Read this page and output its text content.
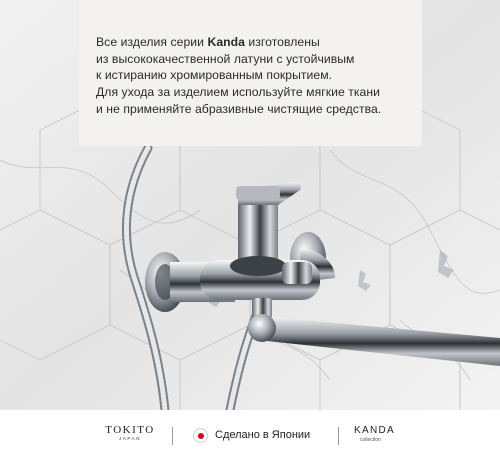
Все изделия серии Kanda изготовлены
из высококачественной латуни с устойчивым
к истиранию хромированным покрытием.
Для ухода за изделием используйте мягкие ткани
и не применяйте абразивные чистящие средства.
TOKITO
JAPAN	Сделано в Японии	KANDA
collection
